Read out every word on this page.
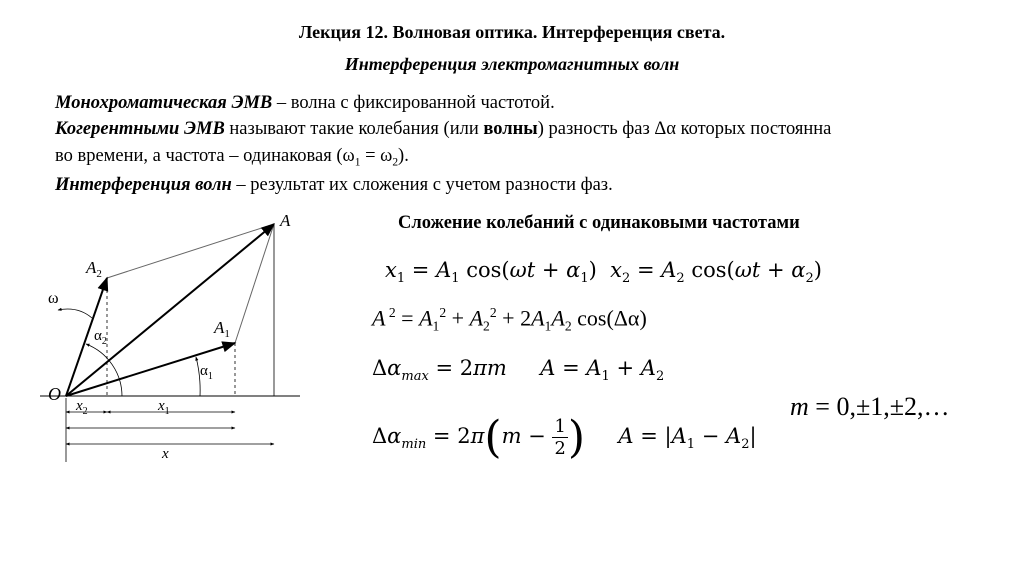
Лекция 12. Волновая оптика. Интерференция света.
Интерференция электромагнитных волн
Монохроматическая ЭМВ – волна с фиксированной частотой.
Когерентными ЭМВ называют такие колебания (или волны) разность фаз Δα которых постоянна
во времени, а частота – одинаковая $(\omega_1 = \omega_2)$.
Интерференция волн – результат их сложения с учетом разности фаз.
Сложение колебаний с одинаковыми частотами
$x_1 = A_1$ $\cos(\omega t + \alpha_1)$  $x_2 = A_2$ $\cos(\omega t + \alpha_2)$
A $^2 = A_1^2 + A_2^2 + 2A_1A_2$ cos(Δα)
$\Delta\alpha_{max} = 2\pi m$ $A = A_1 + A_2$
$\Delta\alpha_{min} = 2\pi(m - \frac{1}{2}$ ) $A = |A_1 - A_2|$
m = 0,±1,±2,…
O
ω
A
$A_1$
$A_2$
$\alpha_1$
$\alpha_2$
$x_2$	$x_1$
x
